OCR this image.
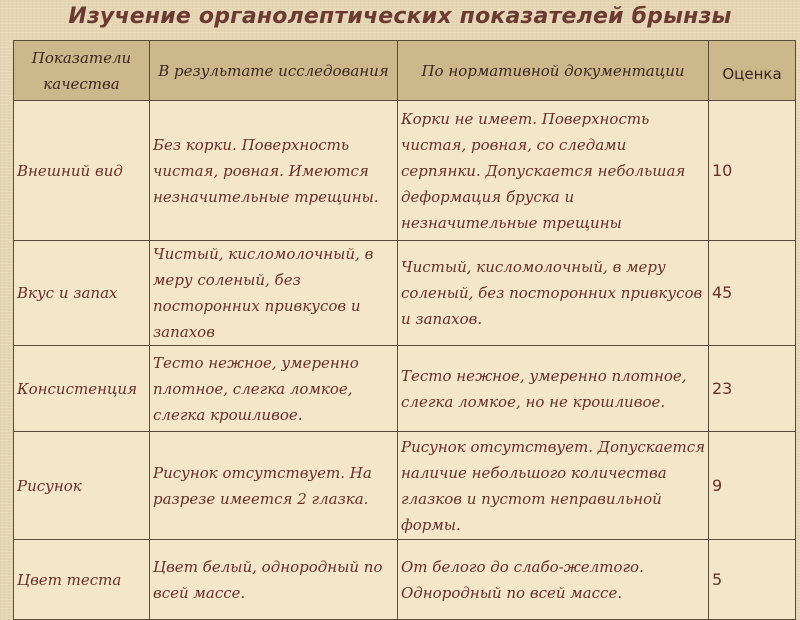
Изучение органолептических показателей брынзы
Показатели качества	В результате исследования	По нормативной документации	Оценка
Внешний вид	Без корки. Поверхность чистая, ровная. Имеются незначительные трещины.	Корки не имеет. Поверхность чистая, ровная, со следами серпянки. Допускается небольшая деформация бруска и незначительные трещины	10
Вкус и запах	Чистый, кисломолочный, в меру соленый, без посторонних привкусов и запахов	Чистый, кисломолочный, в меру соленый, без посторонних привкусов и запахов.	45
Консистенция	Тесто нежное, умеренно плотное, слегка ломкое, слегка крошливое.	Тесто нежное, умеренно плотное, слегка ломкое, но не крошливое.	23
Рисунок	Рисунок отсутствует. На разрезе имеется 2 глазка.	Рисунок отсутствует. Допускается наличие небольшого количества глазков и пустот неправильной формы.	9
Цвет теста	Цвет белый, однородный по всей массе.	От белого до слабо-желтого. Однородный по всей массе.	5
